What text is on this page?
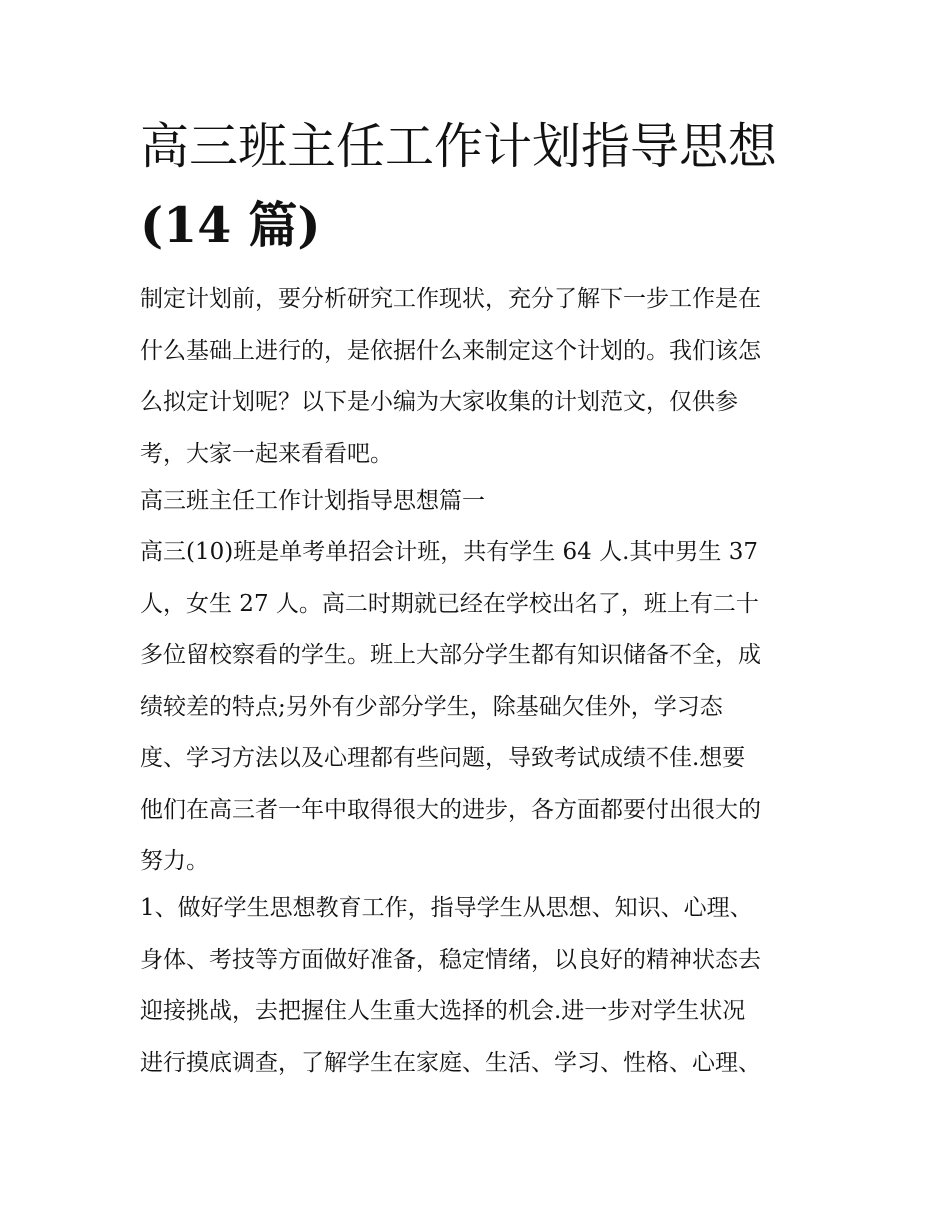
高三班主任工作计划指导思想

(14 篇)

制定计划前，要分析研究工作现状，充分了解下一步工作是在
什么基础上进行的，是依据什么来制定这个计划的。我们该怎
么拟定计划呢？以下是小编为大家收集的计划范文，仅供参
考，大家一起来看看吧。

高三班主任工作计划指导思想篇一

高三(10)班是单考单招会计班，共有学生 64 人.其中男生 37
人，女生 27 人。高二时期就已经在学校出名了，班上有二十
多位留校察看的学生。班上大部分学生都有知识储备不全，成
绩较差的特点;另外有少部分学生，除基础欠佳外，学习态
度、学习方法以及心理都有些问题，导致考试成绩不佳.想要
他们在高三者一年中取得很大的进步，各方面都要付出很大的
努力。

1、做好学生思想教育工作，指导学生从思想、知识、心理、
身体、考技等方面做好准备，稳定情绪，以良好的精神状态去
迎接挑战，去把握住人生重大选择的机会.进一步对学生状况
进行摸底调查，了解学生在家庭、生活、学习、性格、心理、
